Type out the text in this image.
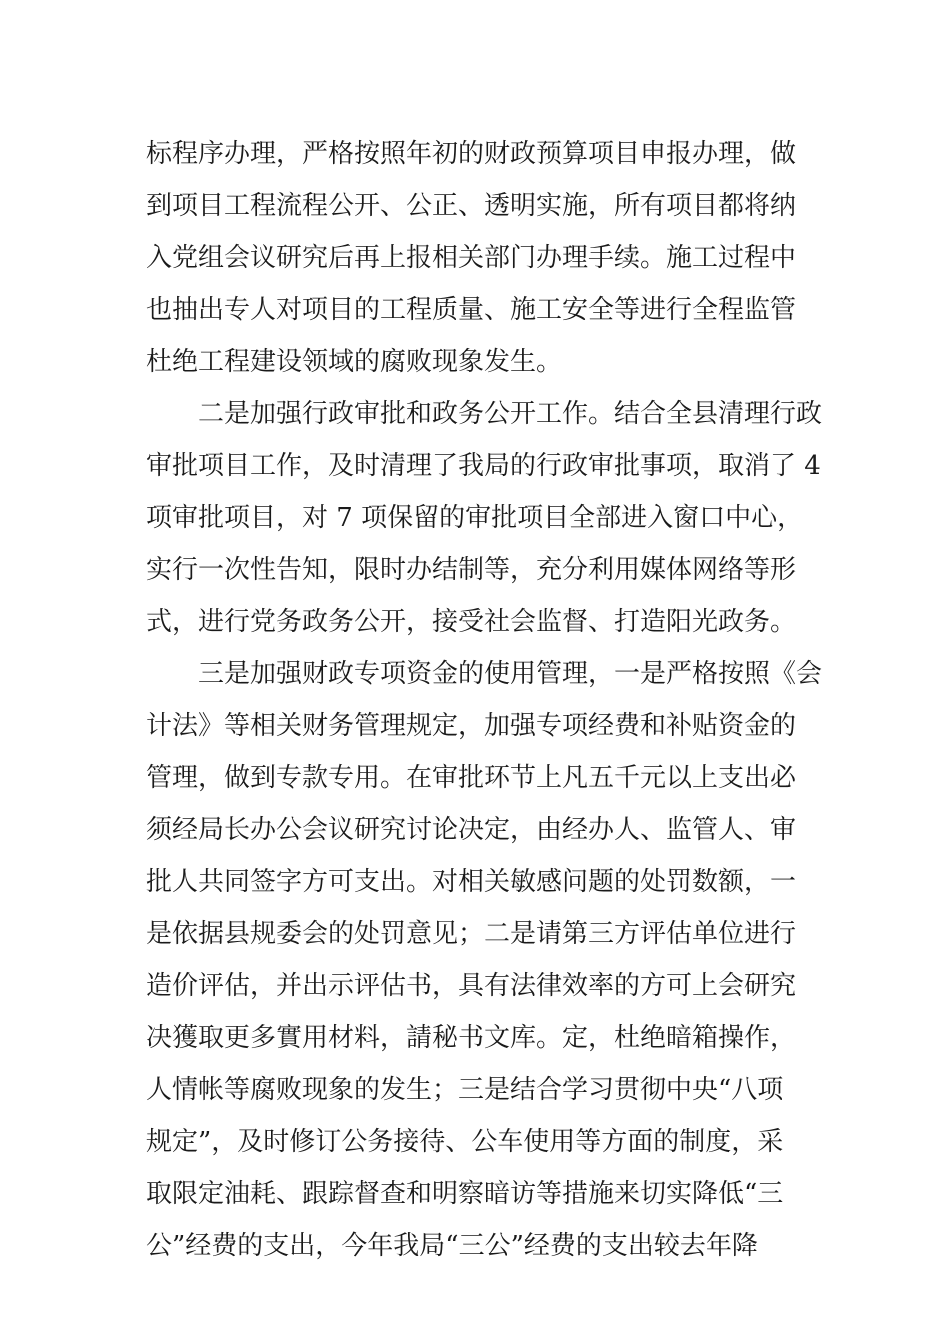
标程序办理，严格按照年初的财政预算项目申报办理，做
到项目工程流程公开、公正、透明实施，所有项目都将纳
入党组会议研究后再上报相关部门办理手续。施工过程中
也抽出专人对项目的工程质量、施工安全等进行全程监管
杜绝工程建设领域的腐败现象发生。
　　二是加强行政审批和政务公开工作。结合全县清理行政
审批项目工作，及时清理了我局的行政审批事项，取消了 4
项审批项目，对 7 项保留的审批项目全部进入窗口中心，
实行一次性告知，限时办结制等，充分利用媒体网络等形
式，进行党务政务公开，接受社会监督、打造阳光政务。
　　三是加强财政专项资金的使用管理，一是严格按照《会
计法》等相关财务管理规定，加强专项经费和补贴资金的
管理，做到专款专用。在审批环节上凡五千元以上支出必
须经局长办公会议研究讨论决定，由经办人、监管人、审
批人共同签字方可支出。对相关敏感问题的处罚数额，一
是依据县规委会的处罚意见；二是请第三方评估单位进行
造价评估，并出示评估书，具有法律效率的方可上会研究
决獲取更多實用材料，請秘书文库。定，杜绝暗箱操作，
人情帐等腐败现象的发生；三是结合学习贯彻中央“八项
规定”，及时修订公务接待、公车使用等方面的制度，采
取限定油耗、跟踪督查和明察暗访等措施来切实降低“三
公”经费的支出，今年我局“三公”经费的支出较去年降
